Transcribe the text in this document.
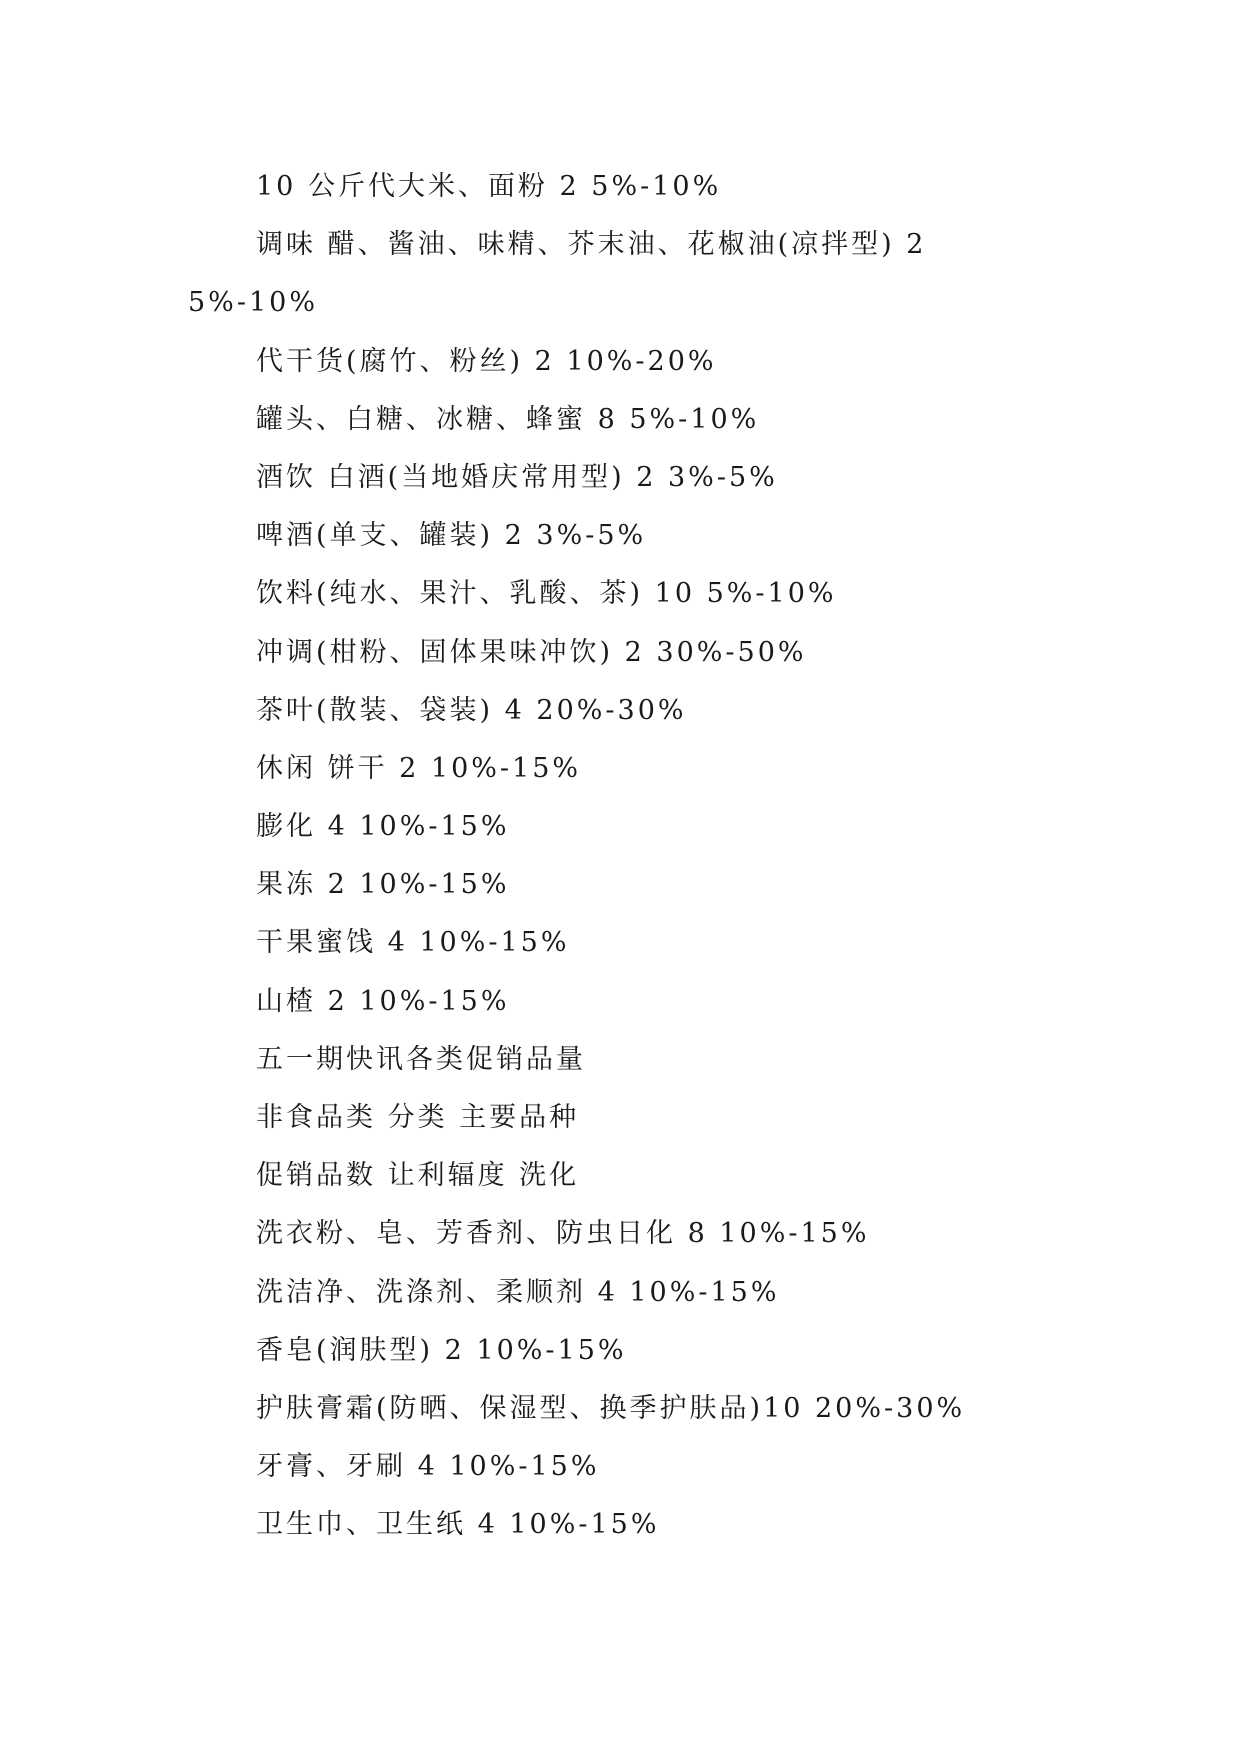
10 公斤代大米、面粉 2 5%-10%

调味 醋、酱油、味精、芥末油、花椒油(凉拌型) 2 5%-10%

代干货(腐竹、粉丝) 2 10%-20%

罐头、白糖、冰糖、蜂蜜 8 5%-10%

酒饮 白酒(当地婚庆常用型) 2 3%-5%

啤酒(单支、罐装) 2 3%-5%

饮料(纯水、果汁、乳酸、茶) 10 5%-10%

冲调(柑粉、固体果味冲饮) 2 30%-50%

茶叶(散装、袋装) 4 20%-30%

休闲 饼干 2 10%-15%

膨化 4 10%-15%

果冻 2 10%-15%

干果蜜饯 4 10%-15%

山楂 2 10%-15%

五一期快讯各类促销品量

非食品类 分类 主要品种

促销品数 让利辐度 洗化

洗衣粉、皂、芳香剂、防虫日化 8 10%-15%

洗洁净、洗涤剂、柔顺剂 4 10%-15%

香皂(润肤型) 2 10%-15%

护肤膏霜(防晒、保湿型、换季护肤品)10 20%-30%

牙膏、牙刷 4 10%-15%

卫生巾、卫生纸 4 10%-15%
